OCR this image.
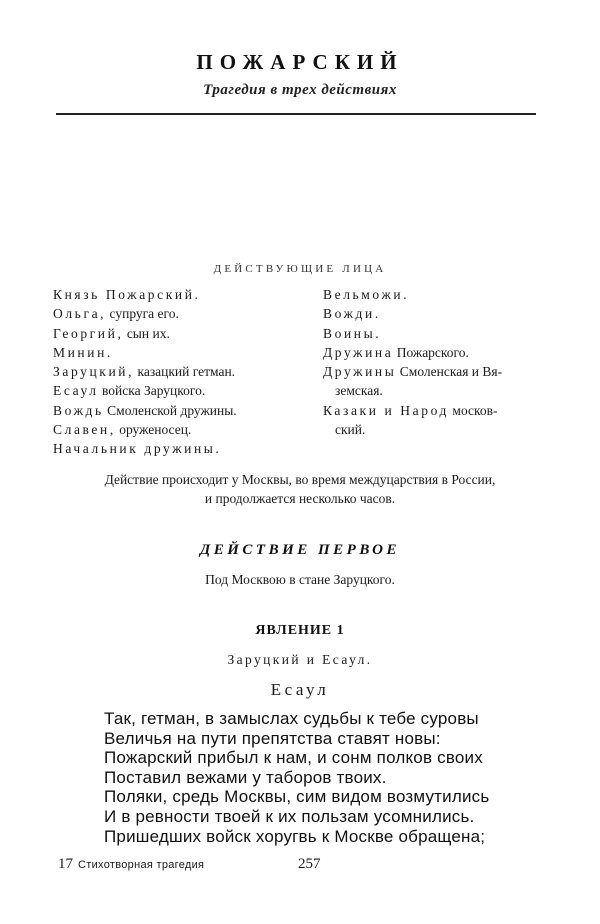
ПОЖАРСКИЙ
Трагедия в трех действиях
ДЕЙСТВУЮЩИЕ ЛИЦА
Князь Пожарский.
Ольга, супруга его.
Георгий, сын их.
Минин.
Заруцкий, казацкий гетман.
Есаул войска Заруцкого.
Вождь Смоленской дружины.
Славен, оруженосец.
Начальник дружины.
Вельможи.
Вожди.
Воины.
Дружина Пожарского.
Дружины Смоленская и Вя-
земская.
Казаки и Народ москов-
ский.
Действие происходит у Москвы, во время междуцарствия в России,
и продолжается несколько часов.
ДЕЙСТВИЕ ПЕРВОЕ
Под Москвою в стане Заруцкого.
ЯВЛЕНИЕ 1
Заруцкий и Есаул.
Есаул
Так, гетман, в замыслах судьбы к тебе суровы
Величья на пути препятства ставят новы:
Пожарский прибыл к нам, и сонм полков своих
Поставил вежами у таборов твоих.
Поляки, средь Москвы, сим видом возмутились
И в ревности твоей к их пользам усомнились.
Пришедших войск хоругвь к Москве обращена;
17 Стихотворная трагедия	257
